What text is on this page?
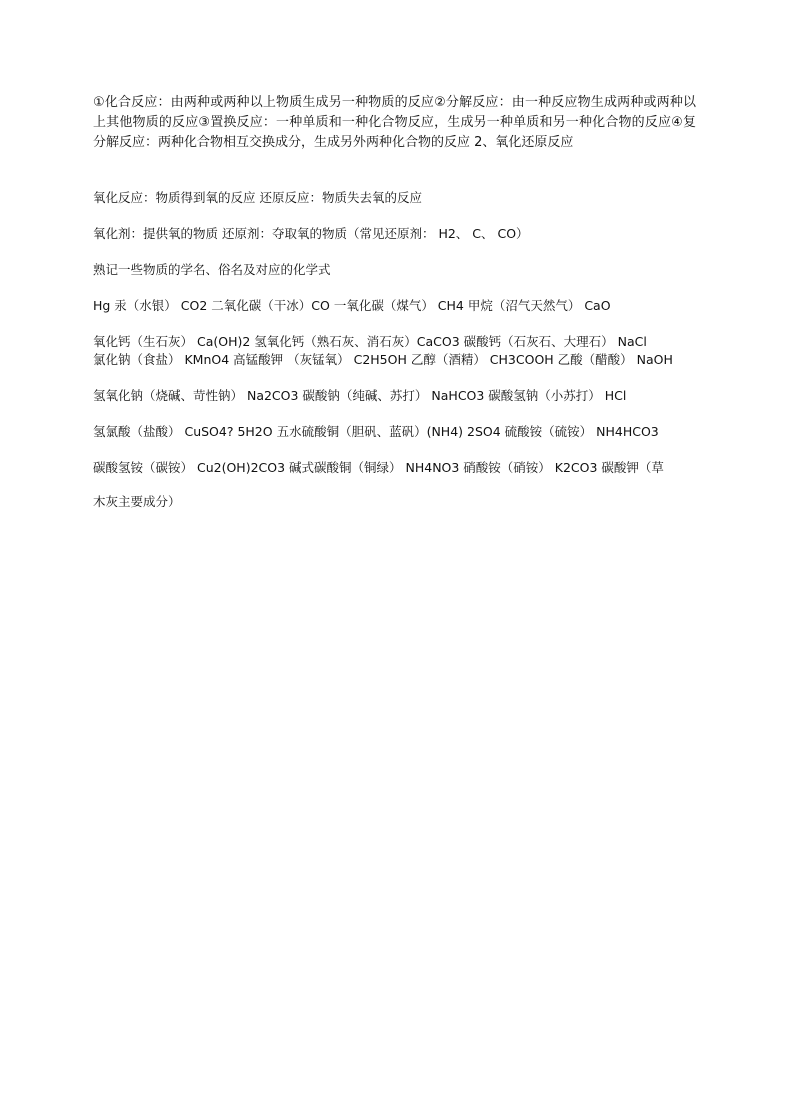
①化合反应：由两种或两种以上物质生成另一种物质的反应②分解反应：由一种反应物生成两种或两种以上其他物质的反应③置换反应：一种单质和一种化合物反应，生成另一种单质和另一种化合物的反应④复分解反应：两种化合物相互交换成分，生成另外两种化合物的反应 2、氧化还原反应

氧化反应：物质得到氧的反应 还原反应：物质失去氧的反应

氧化剂：提供氧的物质 还原剂：夺取氧的物质（常见还原剂： H2、 C、 CO）

熟记一些物质的学名、俗名及对应的化学式

Hg 汞（水银） CO2 二氧化碳（干冰）CO 一氧化碳（煤气） CH4 甲烷（沼气天然气） CaO

氧化钙（生石灰） Ca(OH)2 氢氧化钙（熟石灰、消石灰）CaCO3 碳酸钙（石灰石、大理石） NaCl

氯化钠（食盐） KMnO4 高锰酸钾 （灰锰氧） C2H5OH 乙醇（酒精） CH3COOH 乙酸（醋酸） NaOH

氢氧化钠（烧碱、苛性钠） Na2CO3 碳酸钠（纯碱、苏打） NaHCO3 碳酸氢钠（小苏打） HCl

氢氯酸（盐酸） CuSO4? 5H2O 五水硫酸铜（胆矾、蓝矾）(NH4) 2SO4 硫酸铵（硫铵） NH4HCO3

碳酸氢铵（碳铵） Cu2(OH)2CO3 碱式碳酸铜（铜绿） NH4NO3 硝酸铵（硝铵） K2CO3 碳酸钾（草

木灰主要成分）
